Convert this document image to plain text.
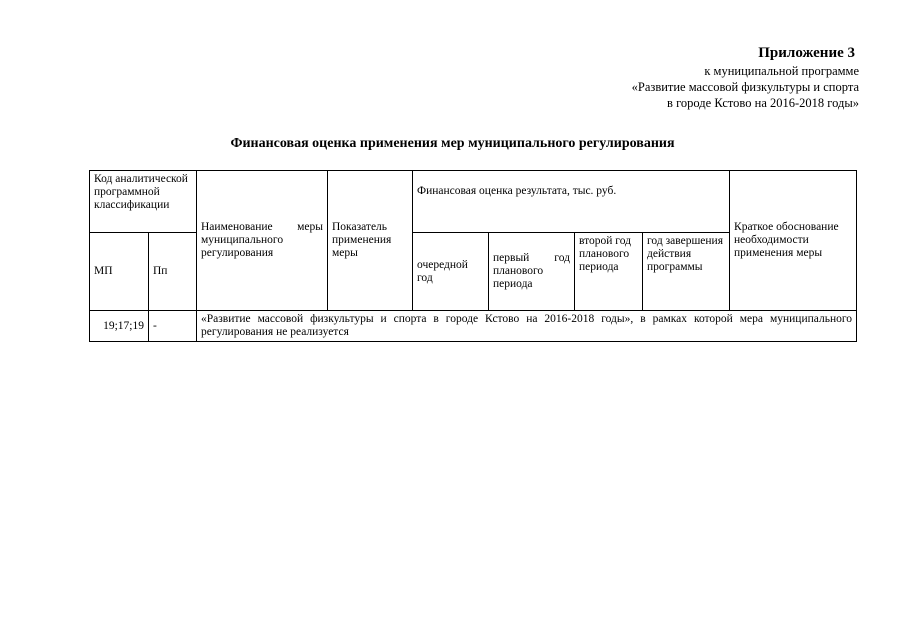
Приложение 3
к муниципальной программе
«Развитие массовой физкультуры и спорта
в городе Кстово на 2016-2018 годы»
Финансовая оценка применения мер муниципального регулирования
Код аналитической программной классификации		Наименование меры муниципального регулирования	Показатель применения меры	Финансовая оценка результата, тыс. руб.				Краткое обоснование необходимости применения меры
МП	Пп			очередной год	первый год планового периода	второй год планового периода	год завершения действия программы	
19;17;19	-	«Развитие массовой физкультуры и спорта в городе Кстово на 2016-2018 годы», в рамках которой мера муниципального регулирования не реализуется						
